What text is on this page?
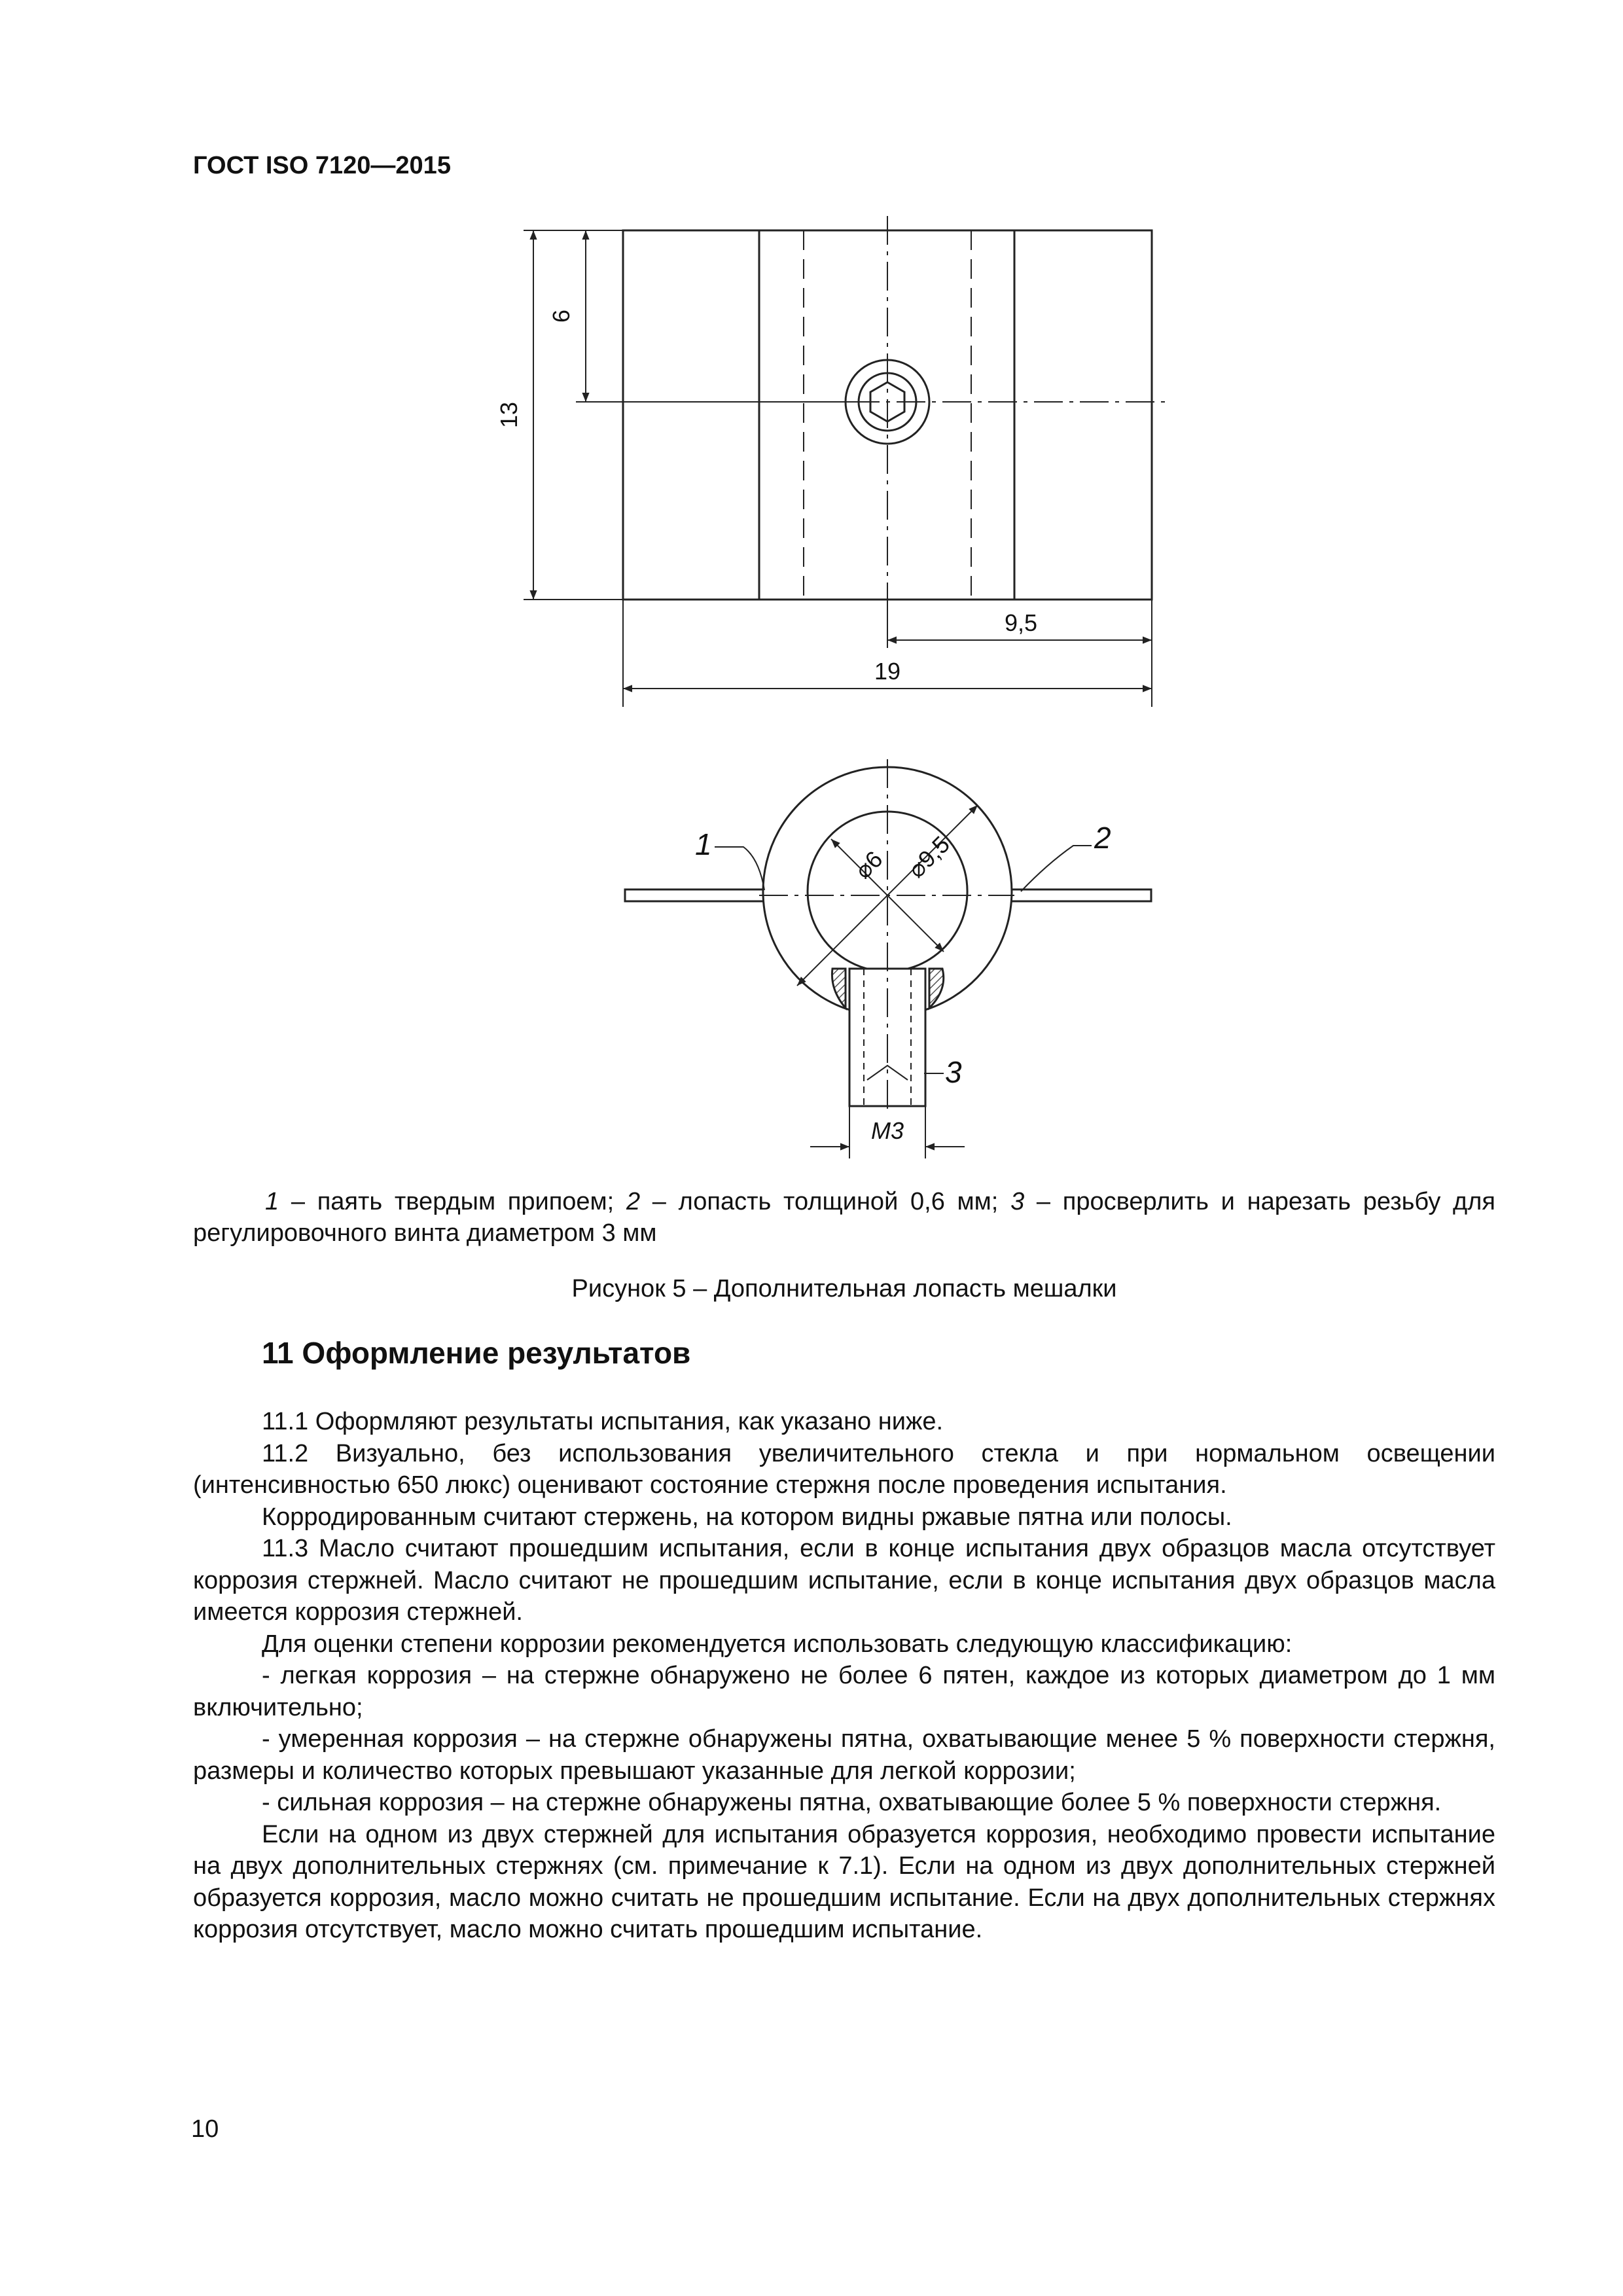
ГОСТ ISO 7120—2015
13
6
9,5
19
⌀6 ⌀9,5
М3
1	2
3
1 – паять твердым припоем; 2 – лопасть толщиной 0,6 мм; 3 – просверлить и нарезать резьбу для регулировочного винта диаметром 3 мм
Рисунок 5 – Дополнительная лопасть мешалки
11 Оформление результатов

11.1 Оформляют результаты испытания, как указано ниже.

11.2 Визуально, без использования увеличительного стекла и при нормальном освещении (интенсивностью 650 люкс) оценивают состояние стержня после проведения испытания.

Корродированным считают стержень, на котором видны ржавые пятна или полосы.

11.3 Масло считают прошедшим испытания, если в конце испытания двух образцов масла отсутствует коррозия стержней. Масло считают не прошедшим испытание, если в конце испытания двух образцов масла имеется коррозия стержней.

Для оценки степени коррозии рекомендуется использовать следующую классификацию:

- легкая коррозия – на стержне обнаружено не более 6 пятен, каждое из которых диаметром до 1 мм включительно;

- умеренная коррозия – на стержне обнаружены пятна, охватывающие менее 5 % поверхности стержня, размеры и количество которых превышают указанные для легкой коррозии;

- сильная коррозия – на стержне обнаружены пятна, охватывающие более 5 % поверхности стержня.

Если на одном из двух стержней для испытания образуется коррозия, необходимо провести испытание на двух дополнительных стержнях (см. примечание к 7.1). Если на одном из двух дополнительных стержней образуется коррозия, масло можно считать не прошедшим испытание. Если на двух дополнительных стержнях коррозия отсутствует, масло можно считать прошедшим испытание.

10
